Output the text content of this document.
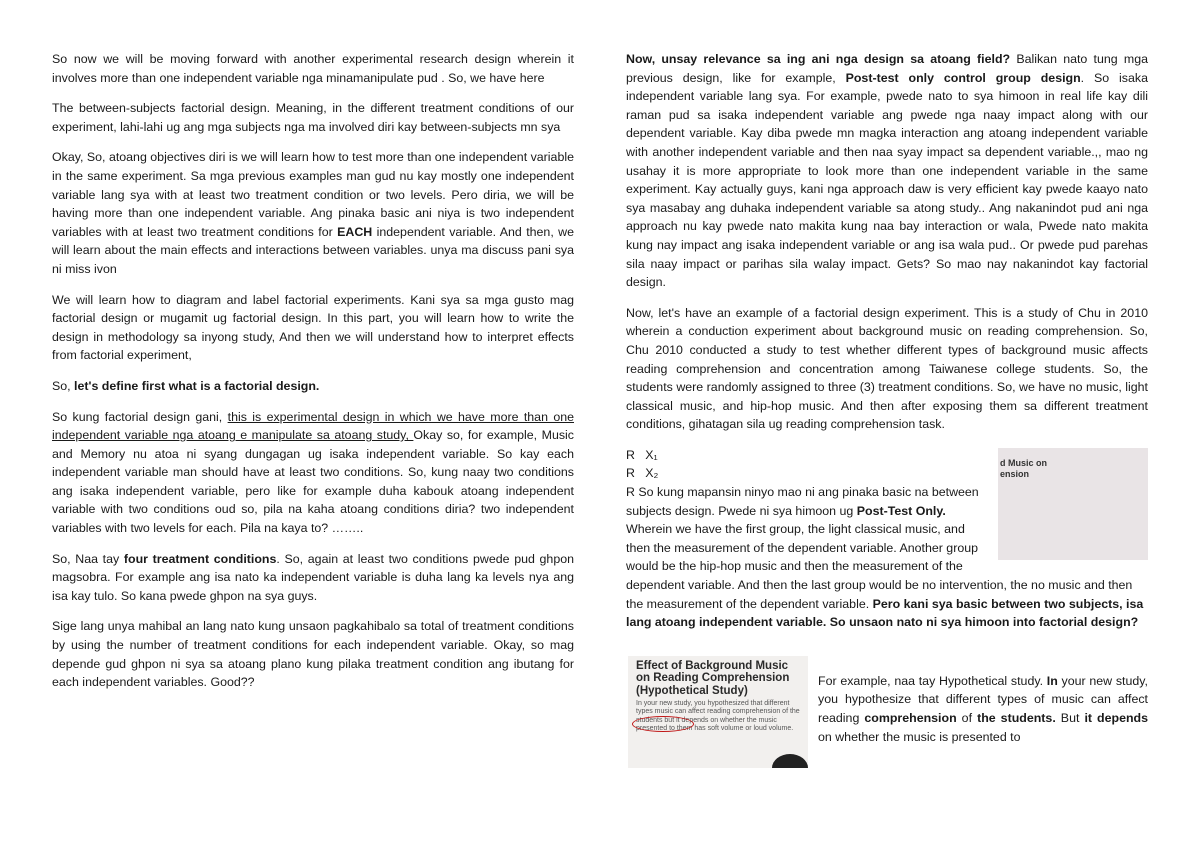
So now we will be moving forward with another experimental research design wherein it involves more than one independent variable nga minamanipulate pud . So, we have here

The between-subjects factorial design. Meaning, in the different treatment conditions of our experiment, lahi-lahi ug ang mga subjects nga ma involved diri kay between-subjects mn sya

Okay, So, atoang objectives diri is we will learn how to test more than one independent variable in the same experiment. Sa mga previous examples man gud nu kay mostly one independent variable lang sya with at least two treatment condition or two levels. Pero diria, we will be having more than one independent variable. Ang pinaka basic ani niya is two independent variables with at least two treatment conditions for EACH independent variable. And then, we will learn about the main effects and interactions between variables. unya ma discuss pani sya ni miss ivon

We will learn how to diagram and label factorial experiments. Kani sya sa mga gusto mag factorial design or mugamit ug factorial design. In this part, you will learn how to write the design in methodology sa inyong study, And then we will understand how to interpret effects from factorial experiment,

So, let's define first what is a factorial design.

So kung factorial design gani, this is experimental design in which we have more than one independent variable nga atoang e manipulate sa atoang study, Okay so, for example, Music and Memory nu atoa ni syang dungagan ug isaka independent variable. So kay each independent variable man should have at least two conditions. So, kung naay two conditions ang isaka independent variable, pero like for example duha kabouk atoang independent variable with two conditions oud so, pila na kaha atoang conditions diria? two independent variables with two levels for each. Pila na kaya to? ……..

So, Naa tay four treatment conditions. So, again at least two conditions pwede pud ghpon magsobra. For example ang isa nato ka independent variable is duha lang ka levels nya ang isa kay tulo. So kana pwede ghpon na sya guys.

Sige lang unya mahibal an lang nato kung unsaon pagkahibalo sa total of treatment conditions by using the number of treatment conditions for each independent variable. Okay, so mag depende gud ghpon ni sya sa atoang plano kung pilaka treatment condition ang ibutang for each independent variables. Good??

Now, unsay relevance sa ing ani nga design sa atoang field? Balikan nato tung mga previous design, like for example, Post-test only control group design. So isaka independent variable lang sya. For example, pwede nato to sya himoon in real life kay dili raman pud sa isaka independent variable ang pwede nga naay impact along with our dependent variable. Kay diba pwede mn magka interaction ang atoang independent variable with another independent variable and then naa syay impact sa dependent variable.,, mao ng usahay it is more appropriate to look more than one independent variable in the same experiment. Kay actually guys, kani nga approach daw is very efficient kay pwede kaayo nato sya masabay ang duhaka independent variable sa atong study.. Ang nakanindot pud ani nga approach nu kay pwede nato makita kung naa bay interaction or wala, Pwede nato makita kung nay impact ang isaka independent variable or ang isa wala pud.. Or pwede pud parehas sila naay impact or parihas sila walay impact. Gets? So mao nay nakanindot kay factorial design.

Now, let's have an example of a factorial design experiment. This is a study of Chu in 2010 wherein a conduction experiment about background music on reading comprehension. So, Chu 2010 conducted a study to test whether different types of background music affects reading comprehension and concentration among Taiwanese college students. So, the students were randomly assigned to three (3) treatment conditions. So, we have no music, light classical music, and hip-hop music. And then after exposing them sa different treatment conditions, gihatagan sila ug reading comprehension task.

d Music on
ension

R   X₁
R   X₂
R So kung mapansin ninyo mao ni ang pinaka basic na between subjects design. Pwede ni sya himoon ug Post-Test Only. Wherein we have the first group, the light classical music, and then the measurement of the dependent variable. Another group would be the hip-hop music and then the measurement of the dependent variable. And then the last group would be no intervention, the no music and then the measurement of the dependent variable. Pero kani sya basic between two subjects, isa lang atoang independent variable. So unsaon nato ni sya himoon into factorial design?

Effect of Background Music
on Reading Comprehension
(Hypothetical Study)
In your new study, you hypothesized that different types music can affect reading comprehension of the students but it depends on whether the music presented to them has soft volume or loud volume.
For example, naa tay Hypothetical study. In your new study, you hypothesize that different types of music can affect reading comprehension of the students. But it depends on whether the music is presented to
